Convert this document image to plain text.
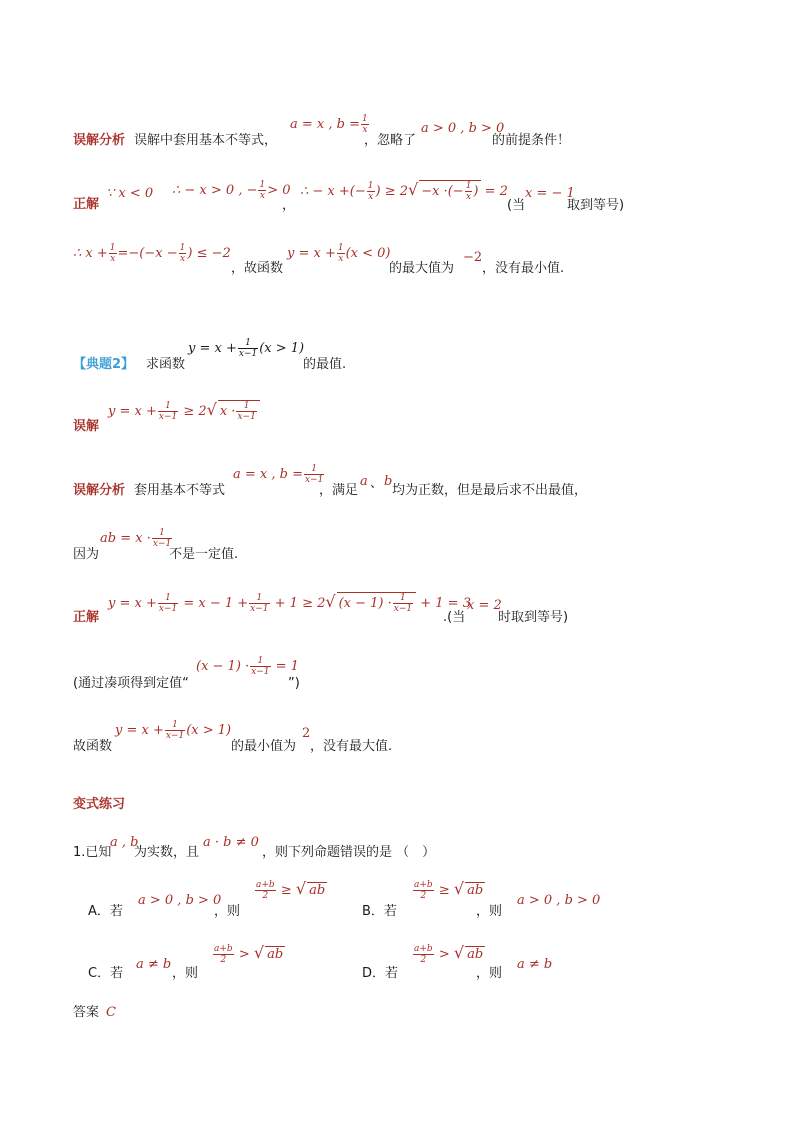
误解分析 误解中套用基本不等式，
a = x , $b = \frac{1}{x}$
，忽略了
a > 0 , b > 0
的前提条件！
正解
∵ x < 0 ∴ − x > 0 , − $\frac{1}{x} > 0$
，
∴ − x +(− $\frac{1}{x}$ ) ≥ 2√ −x ·(− $\frac{1}{x}$ ) = 2
(当
x = − 1
取到等号)
∴ $x + \frac{1}{x} =-(-x - \frac{1}{x}$ ) ≤ −2
，故函数
$y = x + \frac{1}{x} (x < 0)$
的最大值为
−2
，没有最小值.
【典题2】 求函数
$y = x + \frac{1}{x-1} (x > 1)$
的最值.
误解
$y = x + \frac{1}{x-1} \ge 2√$ $x \cdot \frac{1}{x-1}$
误解分析 套用基本不等式
a = x , $b = \frac{1}{x-1}$
，满足
a 、 b
均为正数，但是最后求不出最值，
因为
ab = $x \cdot \frac{1}{x-1}$
不是一定值.
正解
$y = x + \frac{1}{x-1} = x - 1 + \frac{1}{x-1} + 1 \ge 2√$ $(x - 1) \cdot \frac{1}{x-1} + 1 = 3$
.(当
x = 2
时取到等号)
(通过凑项得到定值“
$(x - 1) \cdot \frac{1}{x-1} = 1$
”)
故函数
$y = x + \frac{1}{x-1} (x > 1)$
的最小值为
2
，没有最大值.
变式练习
1.已知
a , b
为实数，且
a · b ≠ 0
，则下列命题错误的是 （　）
A．若
a > 0 , b > 0
，则
$\frac{a+b}{2}$ ≥ √ ab
B．若
$\frac{a+b}{2}$ ≥ √ ab
，则
a > 0 , b > 0
C．若
a ≠ b
，则
$\frac{a+b}{2}$ > √ ab
D．若
$\frac{a+b}{2}$ > √ ab
，则
a ≠ b
答案 C
